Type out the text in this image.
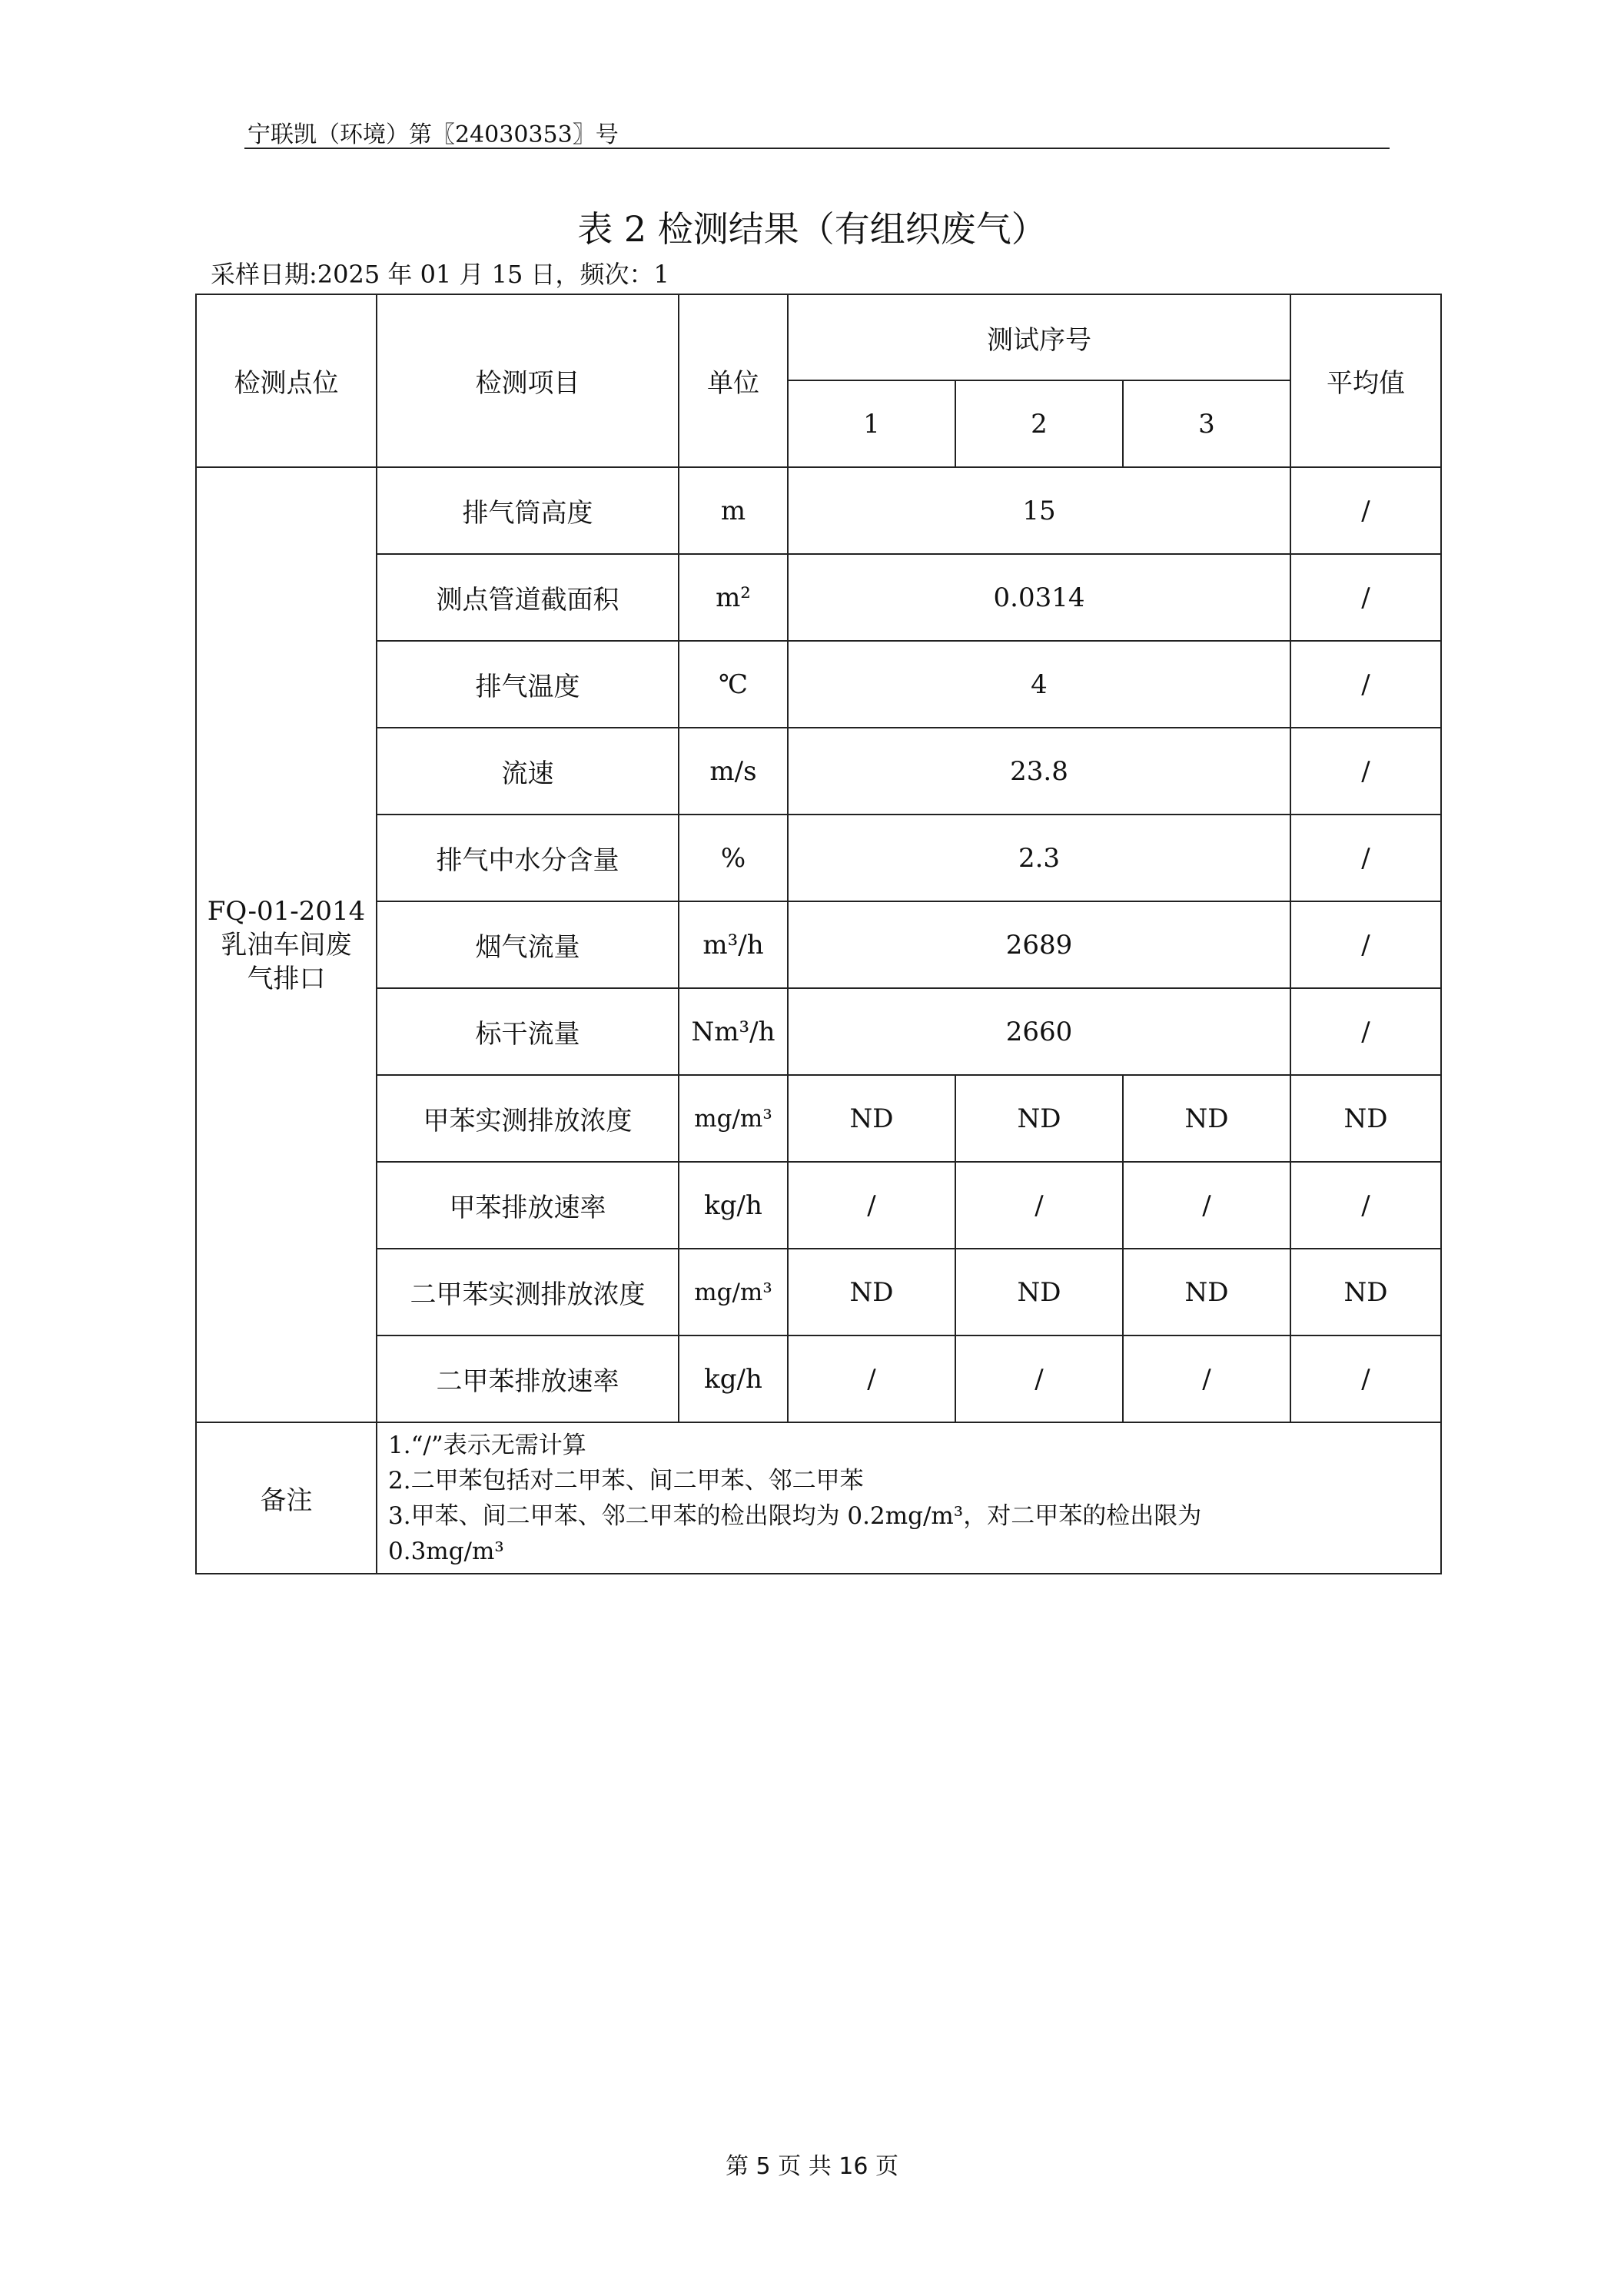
宁联凯（环境）第〖24030353〗号
表 2 检测结果（有组织废气）
采样日期:2025 年 01 月 15 日，频次：1
检测点位	检测项目	单位	测试序号			平均值
			1	2	3	

FQ-01-2014
乳油车间废
气排口	排气筒高度	m	15			/
	测点管道截面积	m²	0.0314			/
	排气温度	℃	4			/
	流速	m/s	23.8			/
	排气中水分含量	%	2.3			/
	烟气流量	m³/h	2689			/
	标干流量	Nm³/h	2660			/
	甲苯实测排放浓度	mg/m³	ND	ND	ND	ND
	甲苯排放速率	kg/h	/	/	/	/
	二甲苯实测排放浓度	mg/m³	ND	ND	ND	ND
	二甲苯排放速率	kg/h	/	/	/	/
备注	1.“/”表示无需计算
2.二甲苯包括对二甲苯、间二甲苯、邻二甲苯
3.甲苯、间二甲苯、邻二甲苯的检出限均为 0.2mg/m³，对二甲苯的检出限为
0.3mg/m³					
第 5 页 共 16 页
